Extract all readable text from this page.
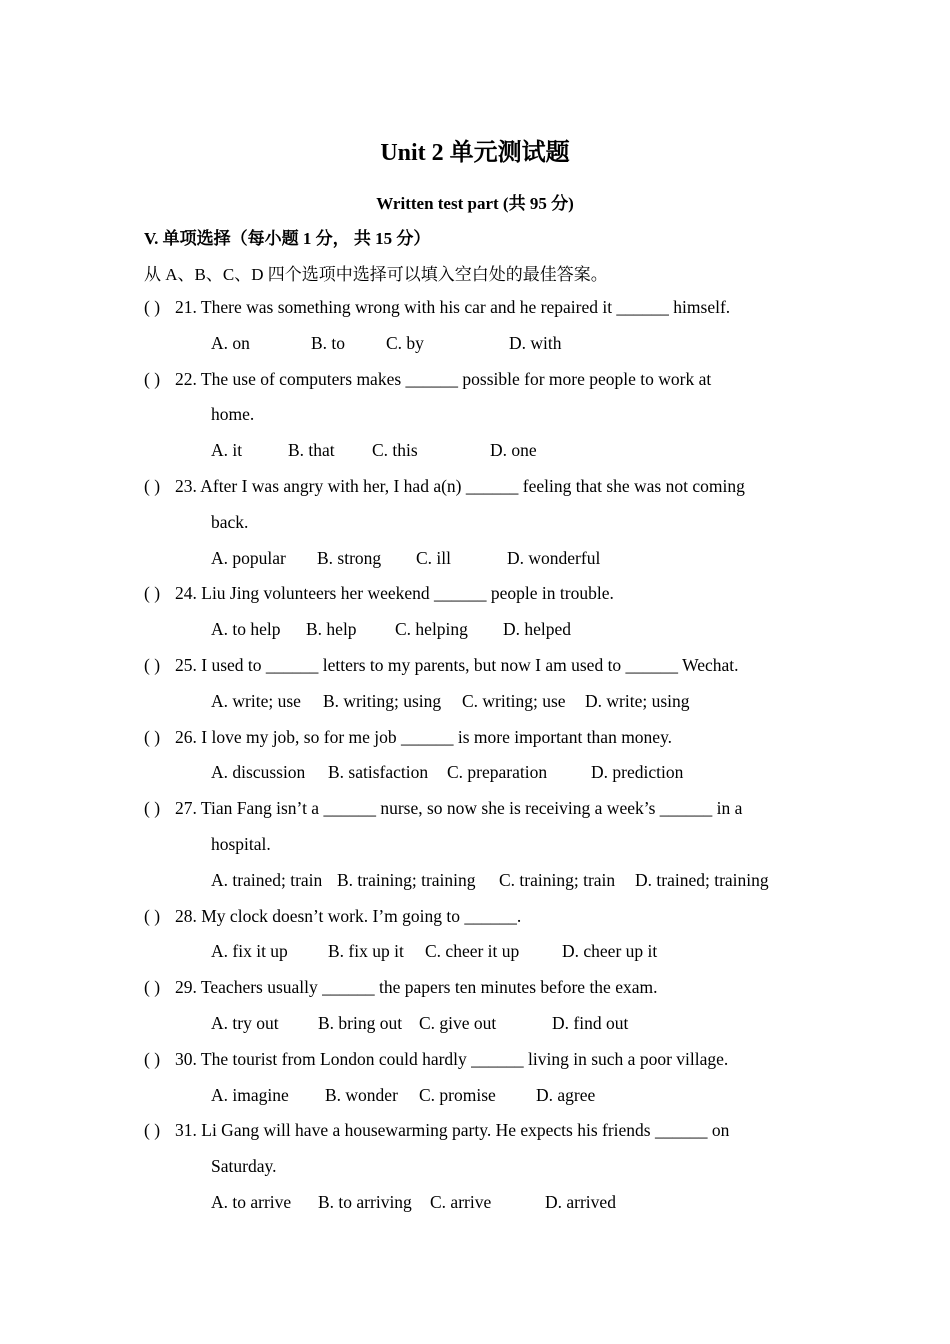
Unit 2 单元测试题
Written test part (共 95 分)
V. 单项选择（每小题 1 分， 共 15 分）
从 A、B、C、D 四个选项中选择可以填入空白处的最佳答案。
( ) 21. There was something wrong with his car and he repaired it ______ himself.
A. on	B. to C. by	D. with
( ) 22. The use of computers makes ______ possible for more people to work at
home.
A. it	B. that C. this	D. one
( ) 23. After I was angry with her, I had a(n) ______ feeling that she was not coming
back.
A. popular B. strong C. ill	D. wonderful
( ) 24. Liu Jing volunteers her weekend ______ people in trouble.
A. to help B. help C. helping D. helped
( ) 25. I used to ______ letters to my parents, but now I am used to ______ Wechat.
A. write; use B. writing; using C. writing; use D. write; using
( ) 26. I love my job, so for me job ______ is more important than money.
A. discussion B. satisfaction C. preparation	D. prediction
( ) 27. Tian Fang isn’t a ______ nurse, so now she is receiving a week’s ______ in a
hospital.
A. trained; train B. training; training C. training; train D. trained; training
( ) 28. My clock doesn’t work. I’m going to ______.
A. fix it up B. fix up it C. cheer it up D. cheer up it
( ) 29. Teachers usually ______ the papers ten minutes before the exam.
A. try out B. bring out C. give out	D. find out
( ) 30. The tourist from London could hardly ______ living in such a poor village.
A. imagine B. wonder C. promise D. agree
( ) 31. Li Gang will have a housewarming party. He expects his friends ______ on
Saturday.
A. to arrive B. to arriving C. arrive	D. arrived
